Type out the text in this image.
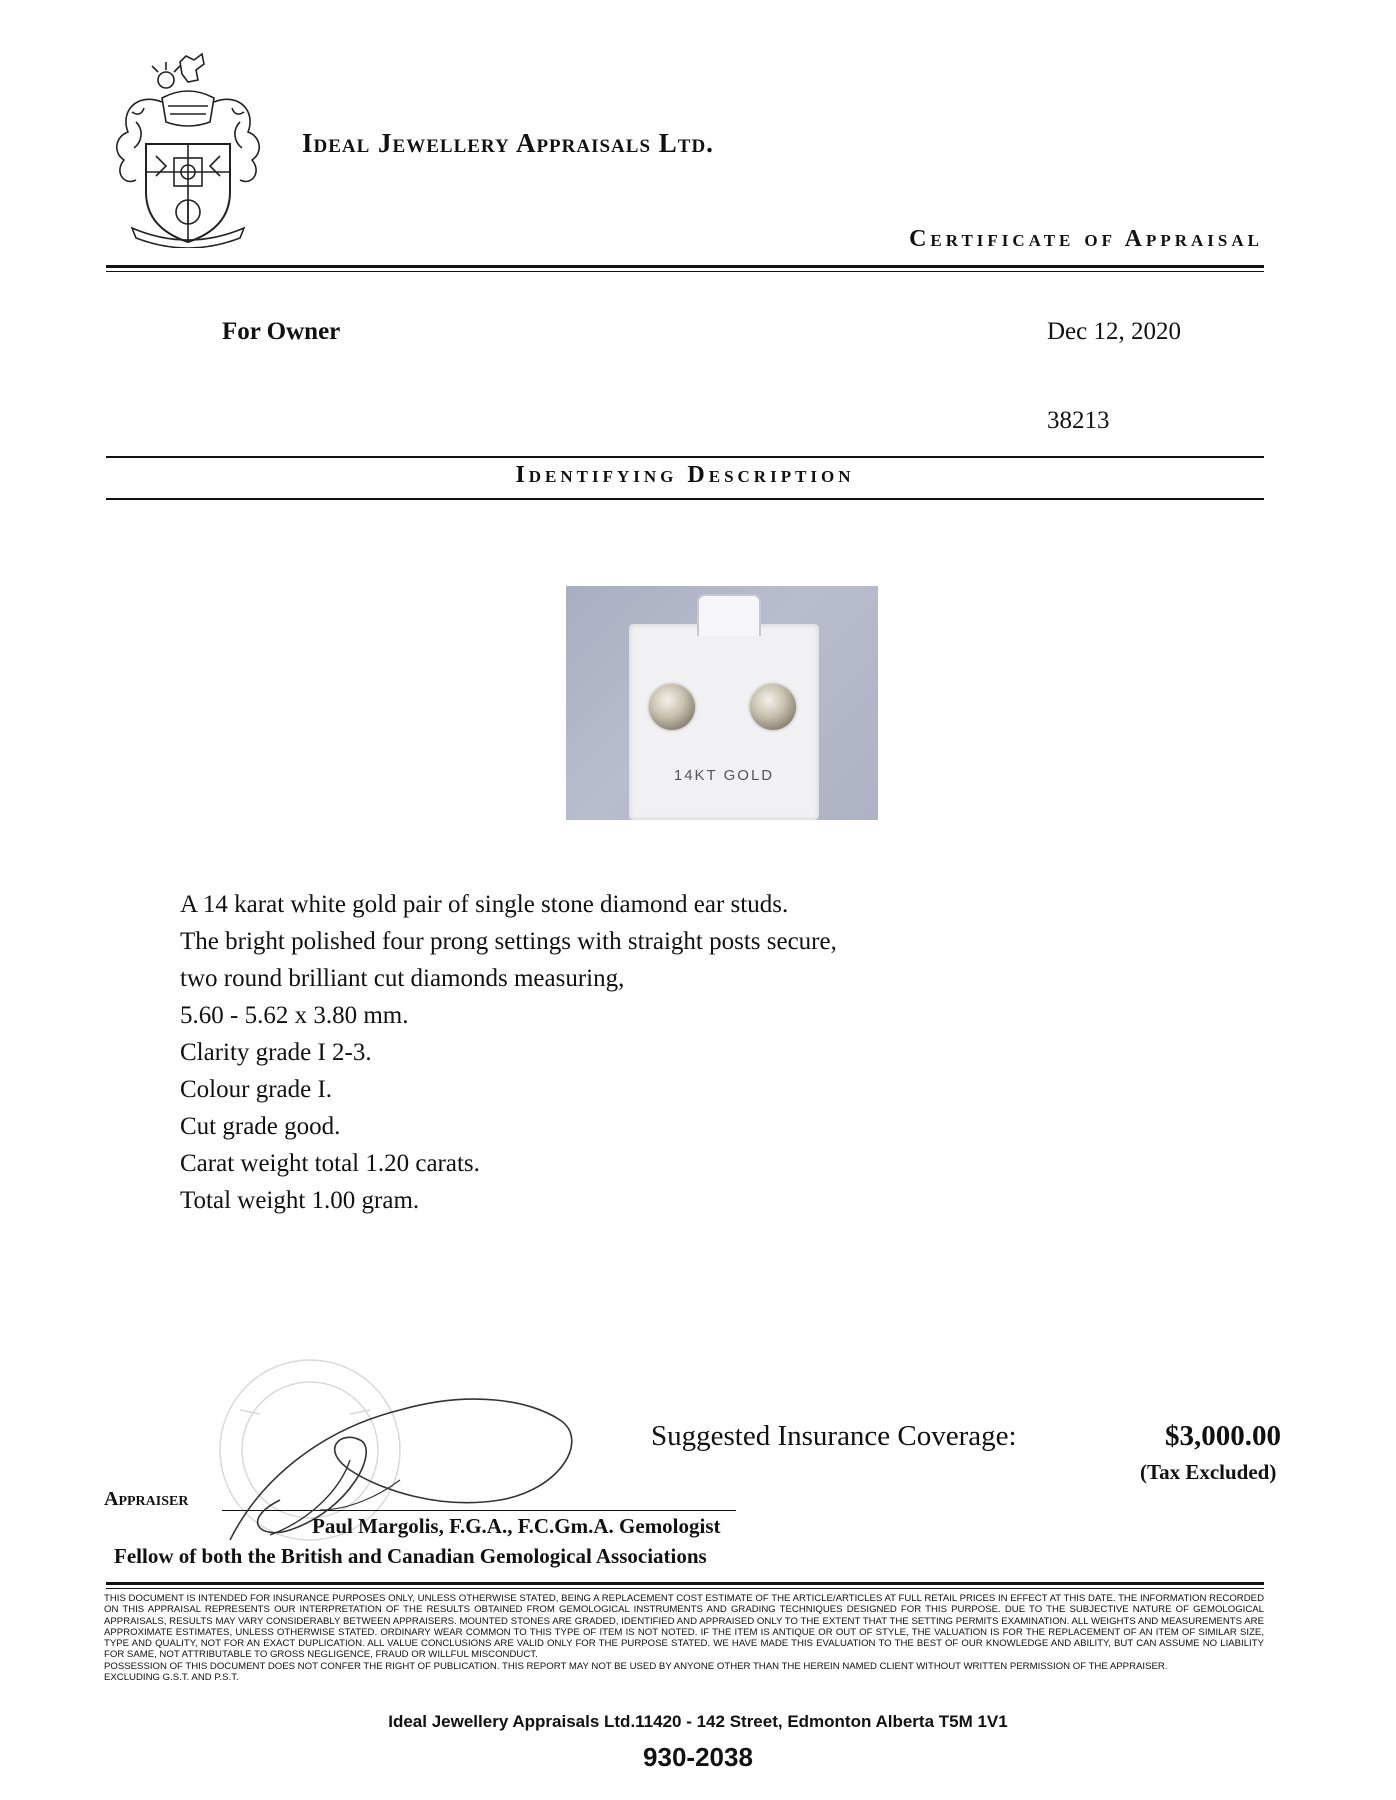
Ideal Jewellery Appraisals Ltd.
Certificate of Appraisal
For Owner	Dec 12, 2020
38213
Identifying Description
14KT GOLD
A 14 karat white gold pair of single stone diamond ear studs.
The bright polished four prong settings with straight posts secure,
two round brilliant cut diamonds measuring,
5.60 - 5.62 x 3.80 mm.
Clarity grade I 2-3.
Colour grade I.
Cut grade good.
Carat weight total 1.20 carats.
Total weight 1.00 gram.
Suggested Insurance Coverage:	$3,000.00
(Tax Excluded)
Appraiser
Paul Margolis, F.G.A., F.C.Gm.A. Gemologist
Fellow of both the British and Canadian Gemological Associations
THIS DOCUMENT IS INTENDED FOR INSURANCE PURPOSES ONLY, UNLESS OTHERWISE STATED, BEING A REPLACEMENT COST ESTIMATE OF THE ARTICLE/ARTICLES AT FULL RETAIL PRICES IN EFFECT AT THIS DATE. THE INFORMATION RECORDED ON THIS APPRAISAL REPRESENTS OUR INTERPRETATION OF THE RESULTS OBTAINED FROM GEMOLOGICAL INSTRUMENTS AND GRADING TECHNIQUES DESIGNED FOR THIS PURPOSE. DUE TO THE SUBJECTIVE NATURE OF GEMOLOGICAL APPRAISALS, RESULTS MAY VARY CONSIDERABLY BETWEEN APPRAISERS. MOUNTED STONES ARE GRADED, IDENTIFIED AND APPRAISED ONLY TO THE EXTENT THAT THE SETTING PERMITS EXAMINATION. ALL WEIGHTS AND MEASUREMENTS ARE APPROXIMATE ESTIMATES, UNLESS OTHERWISE STATED. ORDINARY WEAR COMMON TO THIS TYPE OF ITEM IS NOT NOTED. IF THE ITEM IS ANTIQUE OR OUT OF STYLE, THE VALUATION IS FOR THE REPLACEMENT OF AN ITEM OF SIMILAR SIZE, TYPE AND QUALITY, NOT FOR AN EXACT DUPLICATION. ALL VALUE CONCLUSIONS ARE VALID ONLY FOR THE PURPOSE STATED. WE HAVE MADE THIS EVALUATION TO THE BEST OF OUR KNOWLEDGE AND ABILITY, BUT CAN ASSUME NO LIABILITY FOR SAME, NOT ATTRIBUTABLE TO GROSS NEGLIGENCE, FRAUD OR WILLFUL MISCONDUCT.
POSSESSION OF THIS DOCUMENT DOES NOT CONFER THE RIGHT OF PUBLICATION. THIS REPORT MAY NOT BE USED BY ANYONE OTHER THAN THE HEREIN NAMED CLIENT WITHOUT WRITTEN PERMISSION OF THE APPRAISER.
EXCLUDING G.S.T. AND P.S.T.
Ideal Jewellery Appraisals Ltd.11420 - 142 Street, Edmonton Alberta T5M 1V1
930-2038
